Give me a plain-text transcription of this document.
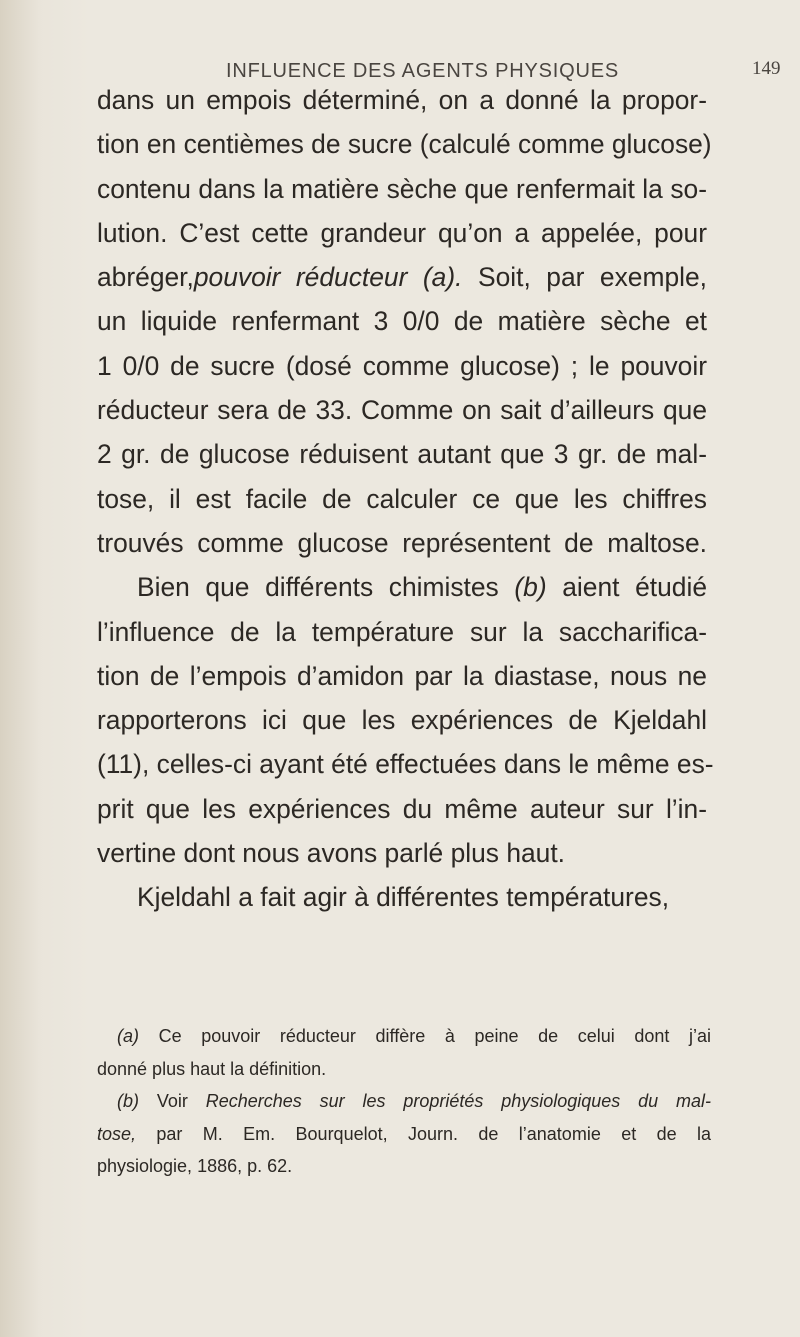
INFLUENCE DES AGENTS PHYSIQUES	149
dans un empois déterminé, on a donné la propor-
tion en centièmes de sucre (calculé comme glucose)
contenu dans la matière sèche que renfermait la so-
lution. C’est cette grandeur qu’on a appelée, pour
abréger,pouvoir réducteur (a). Soit, par exemple,
un liquide renfermant 3 0/0 de matière sèche et
1 0/0 de sucre (dosé comme glucose) ; le pouvoir
réducteur sera de 33. Comme on sait d’ailleurs que
2 gr. de glucose réduisent autant que 3 gr. de mal-
tose, il est facile de calculer ce que les chiffres
trouvés comme glucose représentent de maltose.
Bien que différents chimistes (b) aient étudié
l’influence de la température sur la saccharifica-
tion de l’empois d’amidon par la diastase, nous ne
rapporterons ici que les expériences de Kjeldahl
(11), celles-ci ayant été effectuées dans le même es-
prit que les expériences du même auteur sur l’in-
vertine dont nous avons parlé plus haut.
Kjeldahl a fait agir à différentes températures,
(a) Ce pouvoir réducteur diffère à peine de celui dont j’ai
donné plus haut la définition.
(b) Voir Recherches sur les propriétés physiologiques du mal-
tose, par M. Em. Bourquelot, Journ. de l’anatomie et de la
physiologie, 1886, p. 62.
